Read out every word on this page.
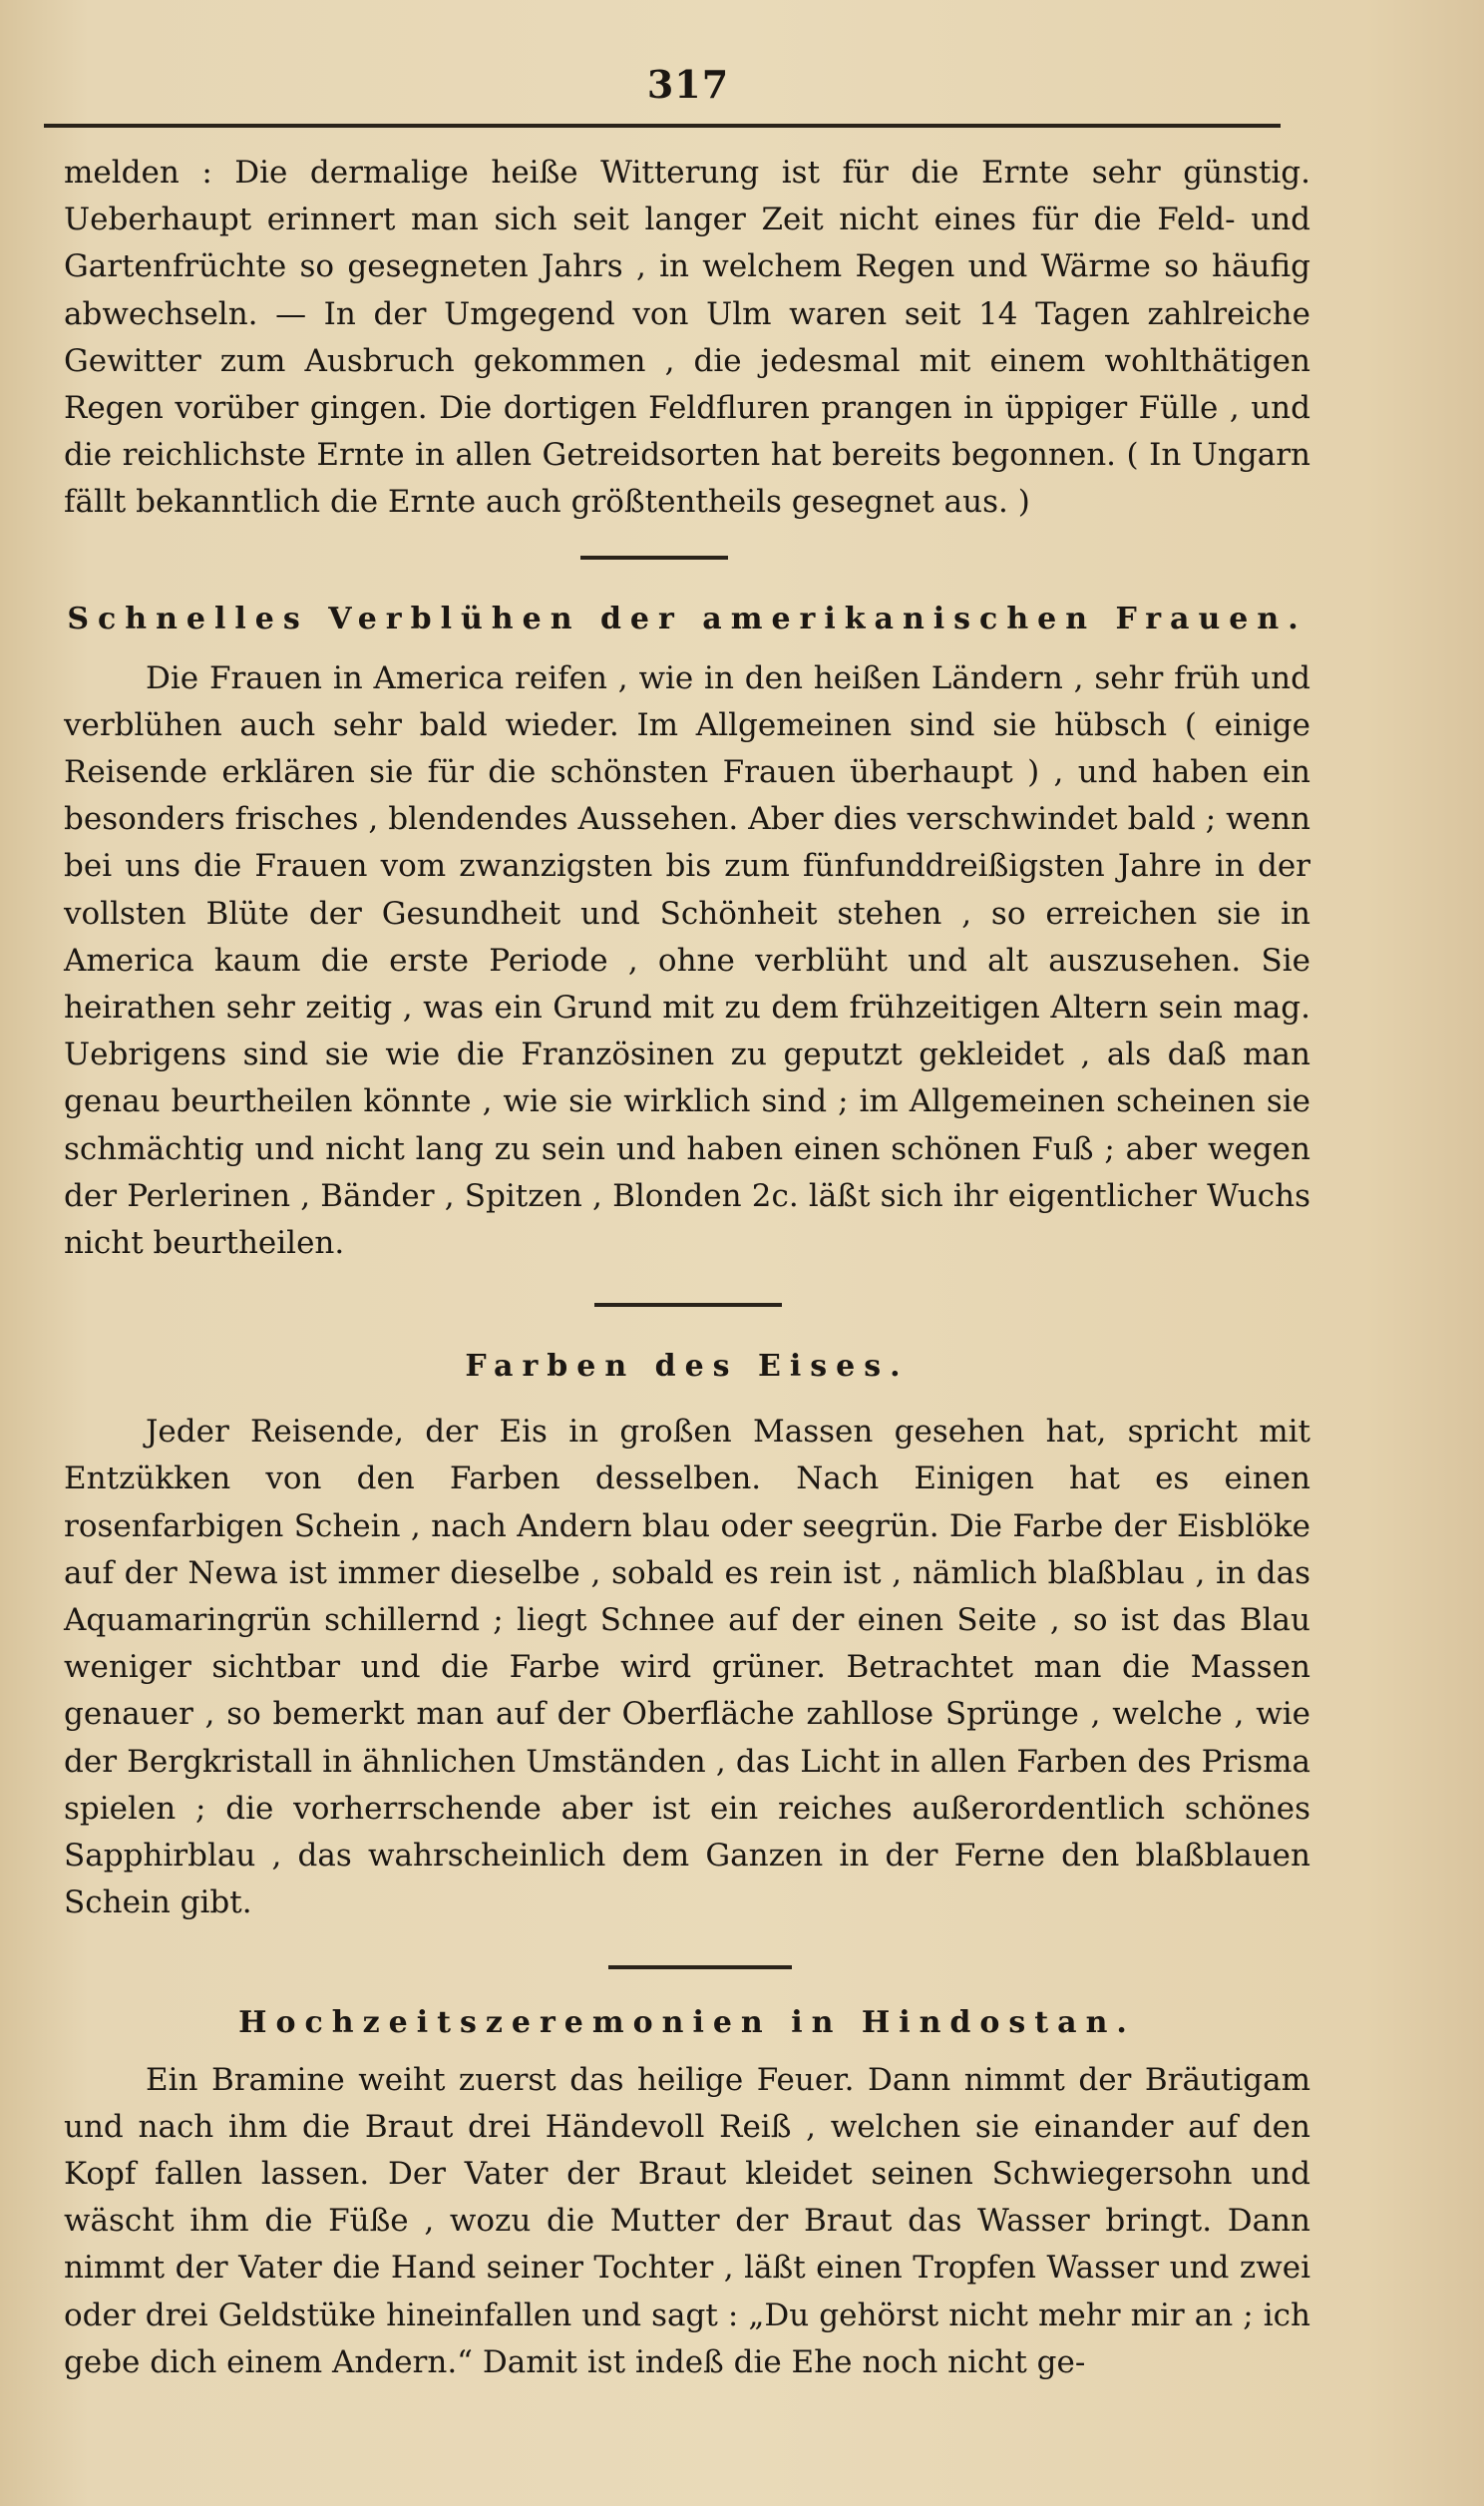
317

melden : Die dermalige heiße Witterung ist für die Ernte sehr günstig. Ueberhaupt erinnert man sich seit langer Zeit nicht eines für die Feld- und Gartenfrüchte so gesegneten Jahrs , in welchem Regen und Wärme so häufig abwechseln. — In der Umgegend von Ulm waren seit 14 Tagen zahlreiche Gewitter zum Ausbruch gekommen , die jedesmal mit einem wohlthätigen Regen vorüber gingen. Die dortigen Feldfluren prangen in üppiger Fülle , und die reichlichste Ernte in allen Getreidsorten hat bereits begonnen. ( In Ungarn fällt bekanntlich die Ernte auch größtentheils gesegnet aus. )

Schnelles Verblühen der amerikanischen Frauen.

Die Frauen in America reifen , wie in den heißen Ländern , sehr früh und verblühen auch sehr bald wieder. Im Allgemeinen sind sie hübsch ( einige Reisende erklären sie für die schönsten Frauen überhaupt ) , und haben ein besonders frisches , blendendes Aussehen. Aber dies verschwindet bald ; wenn bei uns die Frauen vom zwanzigsten bis zum fünfunddreißigsten Jahre in der vollsten Blüte der Gesundheit und Schönheit stehen , so erreichen sie in America kaum die erste Periode , ohne verblüht und alt auszusehen. Sie heirathen sehr zeitig , was ein Grund mit zu dem frühzeitigen Altern sein mag. Uebrigens sind sie wie die Französinen zu geputzt gekleidet , als daß man genau beurtheilen könnte , wie sie wirklich sind ; im Allgemeinen scheinen sie schmächtig und nicht lang zu sein und haben einen schönen Fuß ; aber wegen der Perlerinen , Bänder , Spitzen , Blonden 2c. läßt sich ihr eigentlicher Wuchs nicht beurtheilen.

Farben des Eises.

Jeder Reisende, der Eis in großen Massen gesehen hat, spricht mit Entzükken von den Farben desselben. Nach Einigen hat es einen rosenfarbigen Schein , nach Andern blau oder seegrün. Die Farbe der Eisblöke auf der Newa ist immer dieselbe , sobald es rein ist , nämlich blaßblau , in das Aquamaringrün schillernd ; liegt Schnee auf der einen Seite , so ist das Blau weniger sichtbar und die Farbe wird grüner. Betrachtet man die Massen genauer , so bemerkt man auf der Oberfläche zahllose Sprünge , welche , wie der Bergkristall in ähnlichen Umständen , das Licht in allen Farben des Prisma spielen ; die vorherrschende aber ist ein reiches außerordentlich schönes Sapphirblau , das wahrscheinlich dem Ganzen in der Ferne den blaßblauen Schein gibt.

Hochzeitszeremonien in Hindostan.

Ein Bramine weiht zuerst das heilige Feuer. Dann nimmt der Bräutigam und nach ihm die Braut drei Händevoll Reiß , welchen sie einander auf den Kopf fallen lassen. Der Vater der Braut kleidet seinen Schwiegersohn und wäscht ihm die Füße , wozu die Mutter der Braut das Wasser bringt. Dann nimmt der Vater die Hand seiner Tochter , läßt einen Tropfen Wasser und zwei oder drei Geldstüke hineinfallen und sagt : „Du gehörst nicht mehr mir an ; ich gebe dich einem Andern.“ Damit ist indeß die Ehe noch nicht ge-
